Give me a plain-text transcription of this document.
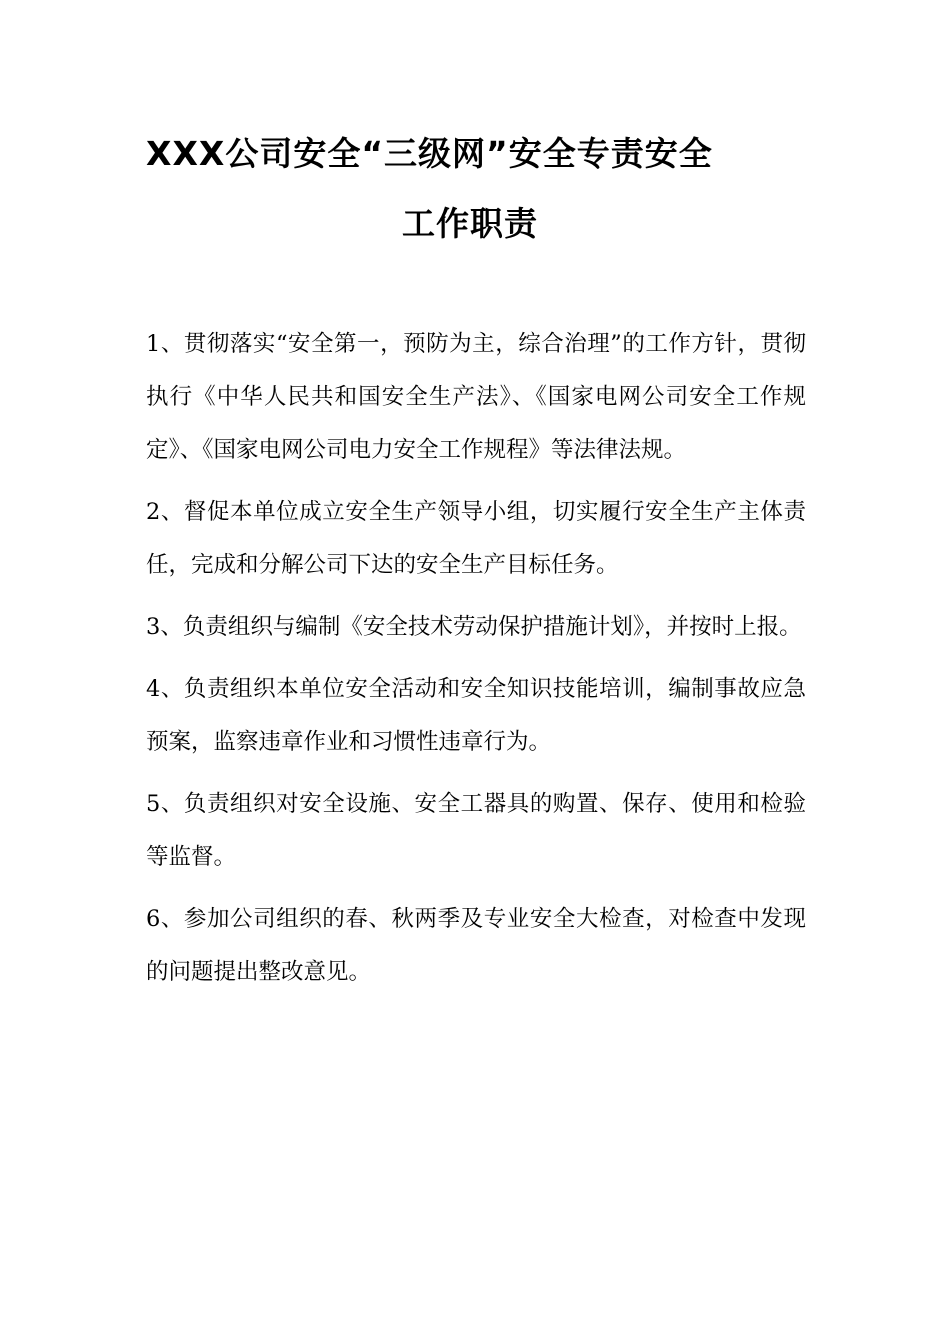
XXX公司安全“三级网”安全专责安全
工作职责

1、贯彻落实“安全第一，预防为主，综合治理”的工作方针，贯彻执行《中华人民共和国安全生产法》、《国家电网公司安全工作规定》、《国家电网公司电力安全工作规程》等法律法规。

2、督促本单位成立安全生产领导小组，切实履行安全生产主体责任，完成和分解公司下达的安全生产目标任务。

3、负责组织与编制《安全技术劳动保护措施计划》，并按时上报。

4、负责组织本单位安全活动和安全知识技能培训，编制事故应急预案，监察违章作业和习惯性违章行为。

5、负责组织对安全设施、安全工器具的购置、保存、使用和检验等监督。

6、参加公司组织的春、秋两季及专业安全大检查，对检查中发现的问题提出整改意见。
